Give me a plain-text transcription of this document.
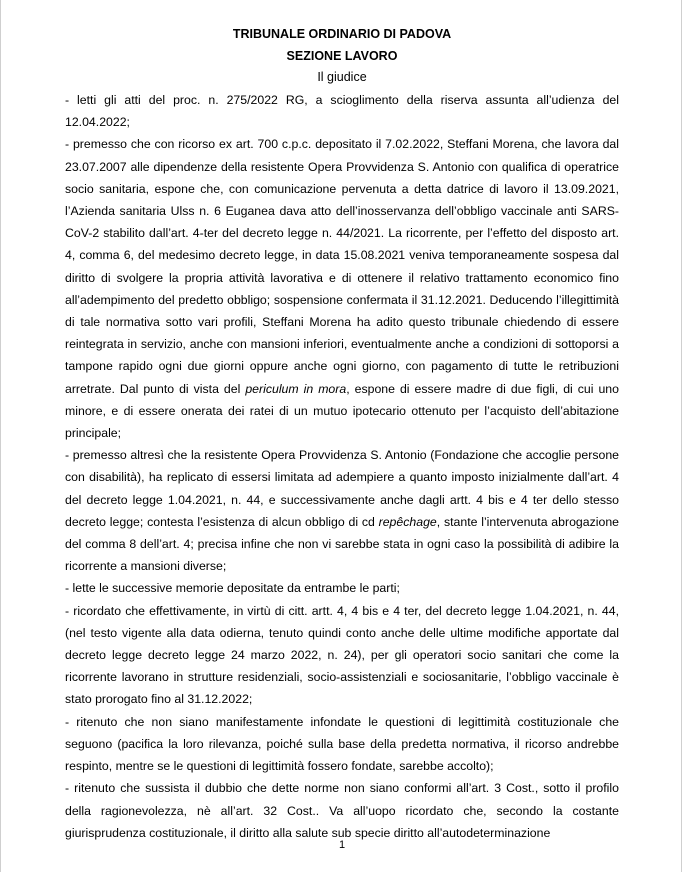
TRIBUNALE ORDINARIO DI PADOVA
SEZIONE LAVORO
Il giudice

- letti gli atti del proc. n. 275/2022 RG, a scioglimento della riserva assunta all’udienza del 12.04.2022;

- premesso che con ricorso ex art. 700 c.p.c. depositato il 7.02.2022, Steffani Morena, che lavora dal 23.07.2007 alle dipendenze della resistente Opera Provvidenza S. Antonio con qualifica di operatrice socio sanitaria, espone che, con comunicazione pervenuta a detta datrice di lavoro il 13.09.2021, l’Azienda sanitaria Ulss n. 6 Euganea dava atto dell’inosservanza dell’obbligo vaccinale anti SARS-CoV-2 stabilito dall’art. 4-ter del decreto legge n. 44/2021. La ricorrente, per l’effetto del disposto art. 4, comma 6, del medesimo decreto legge, in data 15.08.2021 veniva temporaneamente sospesa dal diritto di svolgere la propria attività lavorativa e di ottenere il relativo trattamento economico fino all’adempimento del predetto obbligo; sospensione confermata il 31.12.2021. Deducendo l’illegittimità di tale normativa sotto vari profili, Steffani Morena ha adito questo tribunale chiedendo di essere reintegrata in servizio, anche con mansioni inferiori, eventualmente anche a condizioni di sottoporsi a tampone rapido ogni due giorni oppure anche ogni giorno, con pagamento di tutte le retribuzioni arretrate. Dal punto di vista del periculum in mora, espone di essere madre di due figli, di cui uno minore, e di essere onerata dei ratei di un mutuo ipotecario ottenuto per l’acquisto dell’abitazione principale;

- premesso altresì che la resistente Opera Provvidenza S. Antonio (Fondazione che accoglie persone con disabilità), ha replicato di essersi limitata ad adempiere a quanto imposto inizialmente dall’art. 4 del decreto legge 1.04.2021, n. 44, e successivamente anche dagli artt. 4 bis e 4 ter dello stesso decreto legge; contesta l’esistenza di alcun obbligo di cd repêchage, stante l’intervenuta abrogazione del comma 8 dell’art. 4; precisa infine che non vi sarebbe stata in ogni caso la possibilità di adibire la ricorrente a mansioni diverse;

- lette le successive memorie depositate da entrambe le parti;

- ricordato che effettivamente, in virtù di citt. artt. 4, 4 bis e 4 ter, del decreto legge 1.04.2021, n. 44, (nel testo vigente alla data odierna, tenuto quindi conto anche delle ultime modifiche apportate dal decreto legge decreto legge 24 marzo 2022, n. 24), per gli operatori socio sanitari che come la ricorrente lavorano in strutture residenziali, socio-assistenziali e sociosanitarie, l’obbligo vaccinale è stato prorogato fino al 31.12.2022;

- ritenuto che non siano manifestamente infondate le questioni di legittimità costituzionale che seguono (pacifica la loro rilevanza, poiché sulla base della predetta normativa, il ricorso andrebbe respinto, mentre se le questioni di legittimità fossero fondate, sarebbe accolto);

- ritenuto che sussista il dubbio che dette norme non siano conformi all’art. 3 Cost., sotto il profilo della ragionevolezza, nè all’art. 32 Cost.. Va all’uopo ricordato che, secondo la costante giurisprudenza costituzionale, il diritto alla salute sub specie diritto all’autodeterminazione

1
